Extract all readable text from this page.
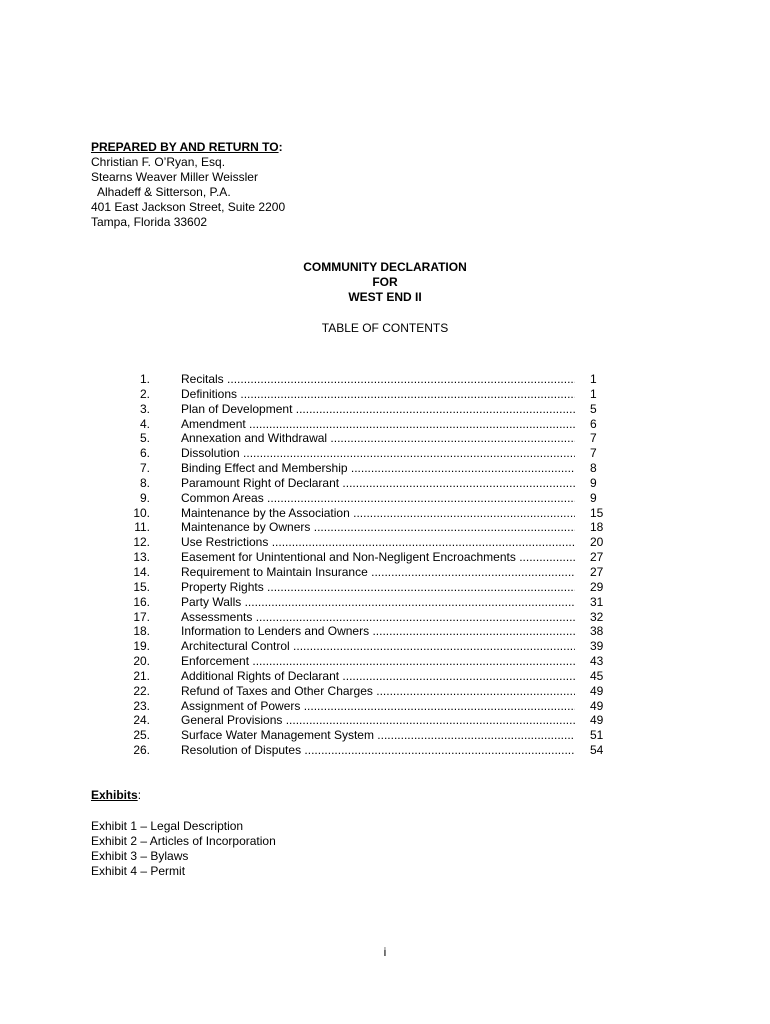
PREPARED BY AND RETURN TO:
Christian F. O’Ryan, Esq.
Stearns Weaver Miller Weissler
Alhadeff & Sitterson, P.A.
401 East Jackson Street, Suite 2200
Tampa, Florida 33602
COMMUNITY DECLARATION
FOR
WEST END II
TABLE OF CONTENTS
1.	Recitals .....	1
2.	Definitions .....	1
3.	Plan of Development .....	5
4.	Amendment .....	6
5.	Annexation and Withdrawal .....	7
6.	Dissolution .....	7
7.	Binding Effect and Membership .....	8
8.	Paramount Right of Declarant .....	9
9.	Common Areas .....	9
10.	Maintenance by the Association .....	15
11.	Maintenance by Owners .....	18
12.	Use Restrictions .....	20
13.	Easement for Unintentional and Non-Negligent Encroachments .....	27
14.	Requirement to Maintain Insurance .....	27
15.	Property Rights .....	29
16.	Party Walls .....	31
17.	Assessments .....	32
18.	Information to Lenders and Owners .....	38
19.	Architectural Control .....	39
20.	Enforcement .....	43
21.	Additional Rights of Declarant .....	45
22.	Refund of Taxes and Other Charges .....	49
23.	Assignment of Powers .....	49
24.	General Provisions .....	49
25.	Surface Water Management System .....	51
26.	Resolution of Disputes .....	54
Exhibits:
Exhibit 1 – Legal Description
Exhibit 2 – Articles of Incorporation
Exhibit 3 – Bylaws
Exhibit 4 – Permit
i
